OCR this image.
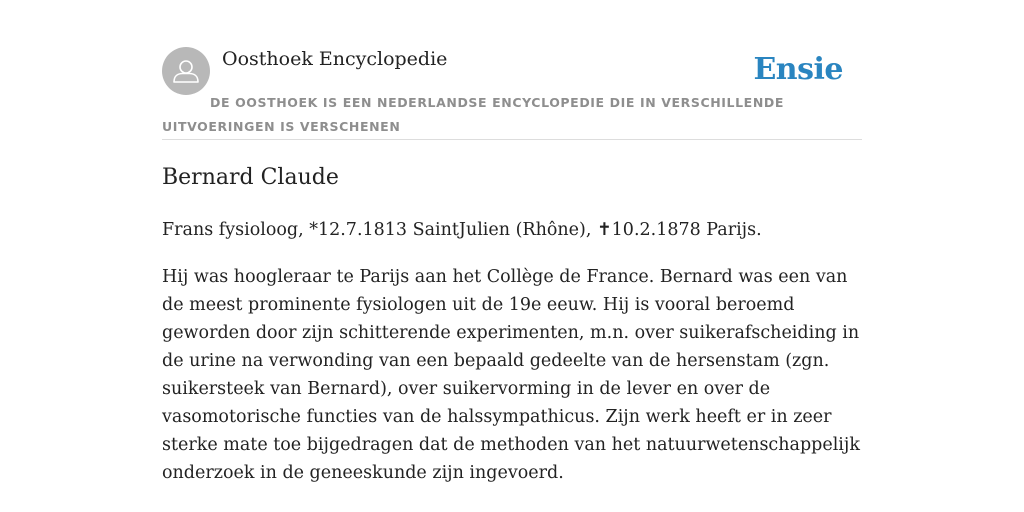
Oosthoek Encyclopedie	Ensie
DE OOSTHOEK IS EEN NEDERLANDSE ENCYCLOPEDIE DIE IN VERSCHILLENDE UITVOERINGEN IS VERSCHENEN
Bernard Claude

Frans fysioloog, *12.7.1813 SaintJulien (Rhône), ✝10.2.1878 Parijs.

Hij was hoogleraar te Parijs aan het Collège de France. Bernard was een van de meest prominente fysiologen uit de 19e eeuw. Hij is vooral beroemd geworden door zijn schitterende experimenten, m.n. over suikerafscheiding in de urine na verwonding van een bepaald gedeelte van de hersenstam (zgn. suikersteek van Bernard), over suikervorming in de lever en over de vasomotorische functies van de halssympathicus. Zijn werk heeft er in zeer sterke mate toe bijgedragen dat de methoden van het natuurwetenschappelijk onderzoek in de geneeskunde zijn ingevoerd.
